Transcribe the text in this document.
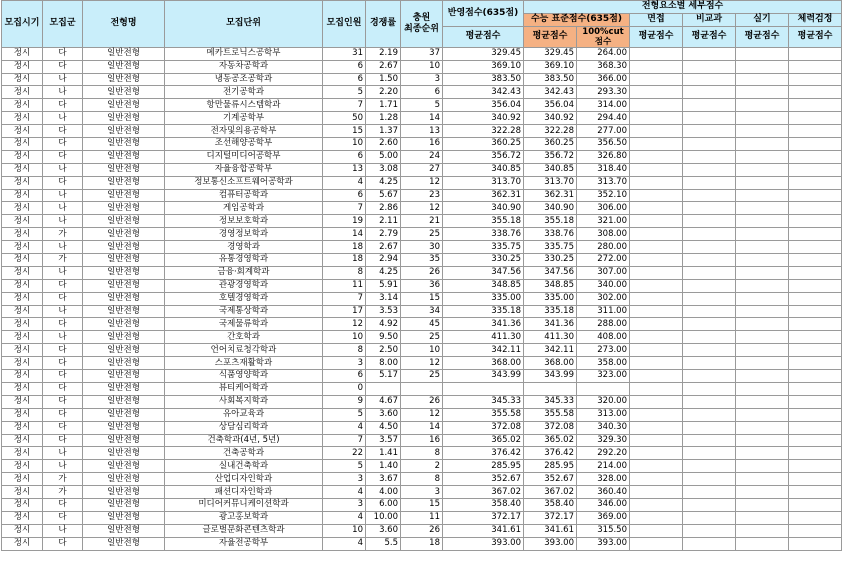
모집시기	모집군	전형명	모집단위	모집인원	경쟁률	충원
최종순위	반영점수(635점)	전형요소별 세부점수					
								수능 표준점수(635점)		면접	비교과	실기	체력검정
							평균점수	평균점수	100%cut 점수	평균점수	평균점수	평균점수	평균점수
정시	다	일반전형	메카트로닉스공학부	31	2.19	37	329.45	329.45	264.00				
정시	다	일반전형	자동차공학과	6	2.67	10	369.10	369.10	368.30				
정시	나	일반전형	냉동공조공학과	6	1.50	3	383.50	383.50	366.00				
정시	나	일반전형	전기공학과	5	2.20	6	342.43	342.43	293.30				
정시	다	일반전형	항만물류시스템학과	7	1.71	5	356.04	356.04	314.00				
정시	나	일반전형	기계공학부	50	1.28	14	340.92	340.92	294.40				
정시	다	일반전형	전자및의용공학부	15	1.37	13	322.28	322.28	277.00				
정시	다	일반전형	조선해양공학부	10	2.60	16	360.25	360.25	356.50				
정시	다	일반전형	디지털미디어공학부	6	5.00	24	356.72	356.72	326.80				
정시	나	일반전형	자율융합공학부	13	3.08	27	340.85	340.85	318.40				
정시	다	일반전형	정보통신소프트웨어공학과	4	4.25	12	313.70	313.70	313.70				
정시	나	일반전형	컴퓨터공학과	6	5.67	23	362.31	362.31	352.10				
정시	나	일반전형	게임공학과	7	2.86	12	340.90	340.90	306.00				
정시	나	일반전형	정보보호학과	19	2.11	21	355.18	355.18	321.00				
정시	가	일반전형	경영정보학과	14	2.79	25	338.76	338.76	308.00				
정시	나	일반전형	경영학과	18	2.67	30	335.75	335.75	280.00				
정시	가	일반전형	유통경영학과	18	2.94	35	330.25	330.25	272.00				
정시	나	일반전형	금융·회계학과	8	4.25	26	347.56	347.56	307.00				
정시	다	일반전형	관광경영학과	11	5.91	36	348.85	348.85	340.00				
정시	다	일반전형	호텔경영학과	7	3.14	15	335.00	335.00	302.00				
정시	나	일반전형	국제통상학과	17	3.53	34	335.18	335.18	311.00				
정시	다	일반전형	국제물류학과	12	4.92	45	341.36	341.36	288.00				
정시	나	일반전형	간호학과	10	9.50	25	411.30	411.30	408.00				
정시	다	일반전형	언어치료청각학과	8	2.50	10	342.11	342.11	273.00				
정시	다	일반전형	스포츠재활학과	3	8.00	12	368.00	368.00	358.00				
정시	다	일반전형	식품영양학과	6	5.17	25	343.99	343.99	323.00				
정시	다	일반전형	뷰티케어학과	0									
정시	다	일반전형	사회복지학과	9	4.67	26	345.33	345.33	320.00				
정시	다	일반전형	유아교육과	5	3.60	12	355.58	355.58	313.00				
정시	다	일반전형	상담심리학과	4	4.50	14	372.08	372.08	340.30				
정시	다	일반전형	건축학과(4년, 5년)	7	3.57	16	365.02	365.02	329.30				
정시	나	일반전형	건축공학과	22	1.41	8	376.42	376.42	292.20				
정시	나	일반전형	실내건축학과	5	1.40	2	285.95	285.95	214.00				
정시	가	일반전형	산업디자인학과	3	3.67	8	352.67	352.67	328.00				
정시	가	일반전형	패션디자인학과	4	4.00	3	367.02	367.02	360.40				
정시	다	일반전형	미디어커뮤니케이션학과	3	6.00	15	358.40	358.40	346.00				
정시	다	일반전형	광고홍보학과	4	10.00	11	372.17	372.17	369.00				
정시	나	일반전형	글로벌문화콘텐츠학과	10	3.60	26	341.61	341.61	315.50				
정시	다	일반전형	자율전공학부	4	5.5	18	393.00	393.00	393.00				
